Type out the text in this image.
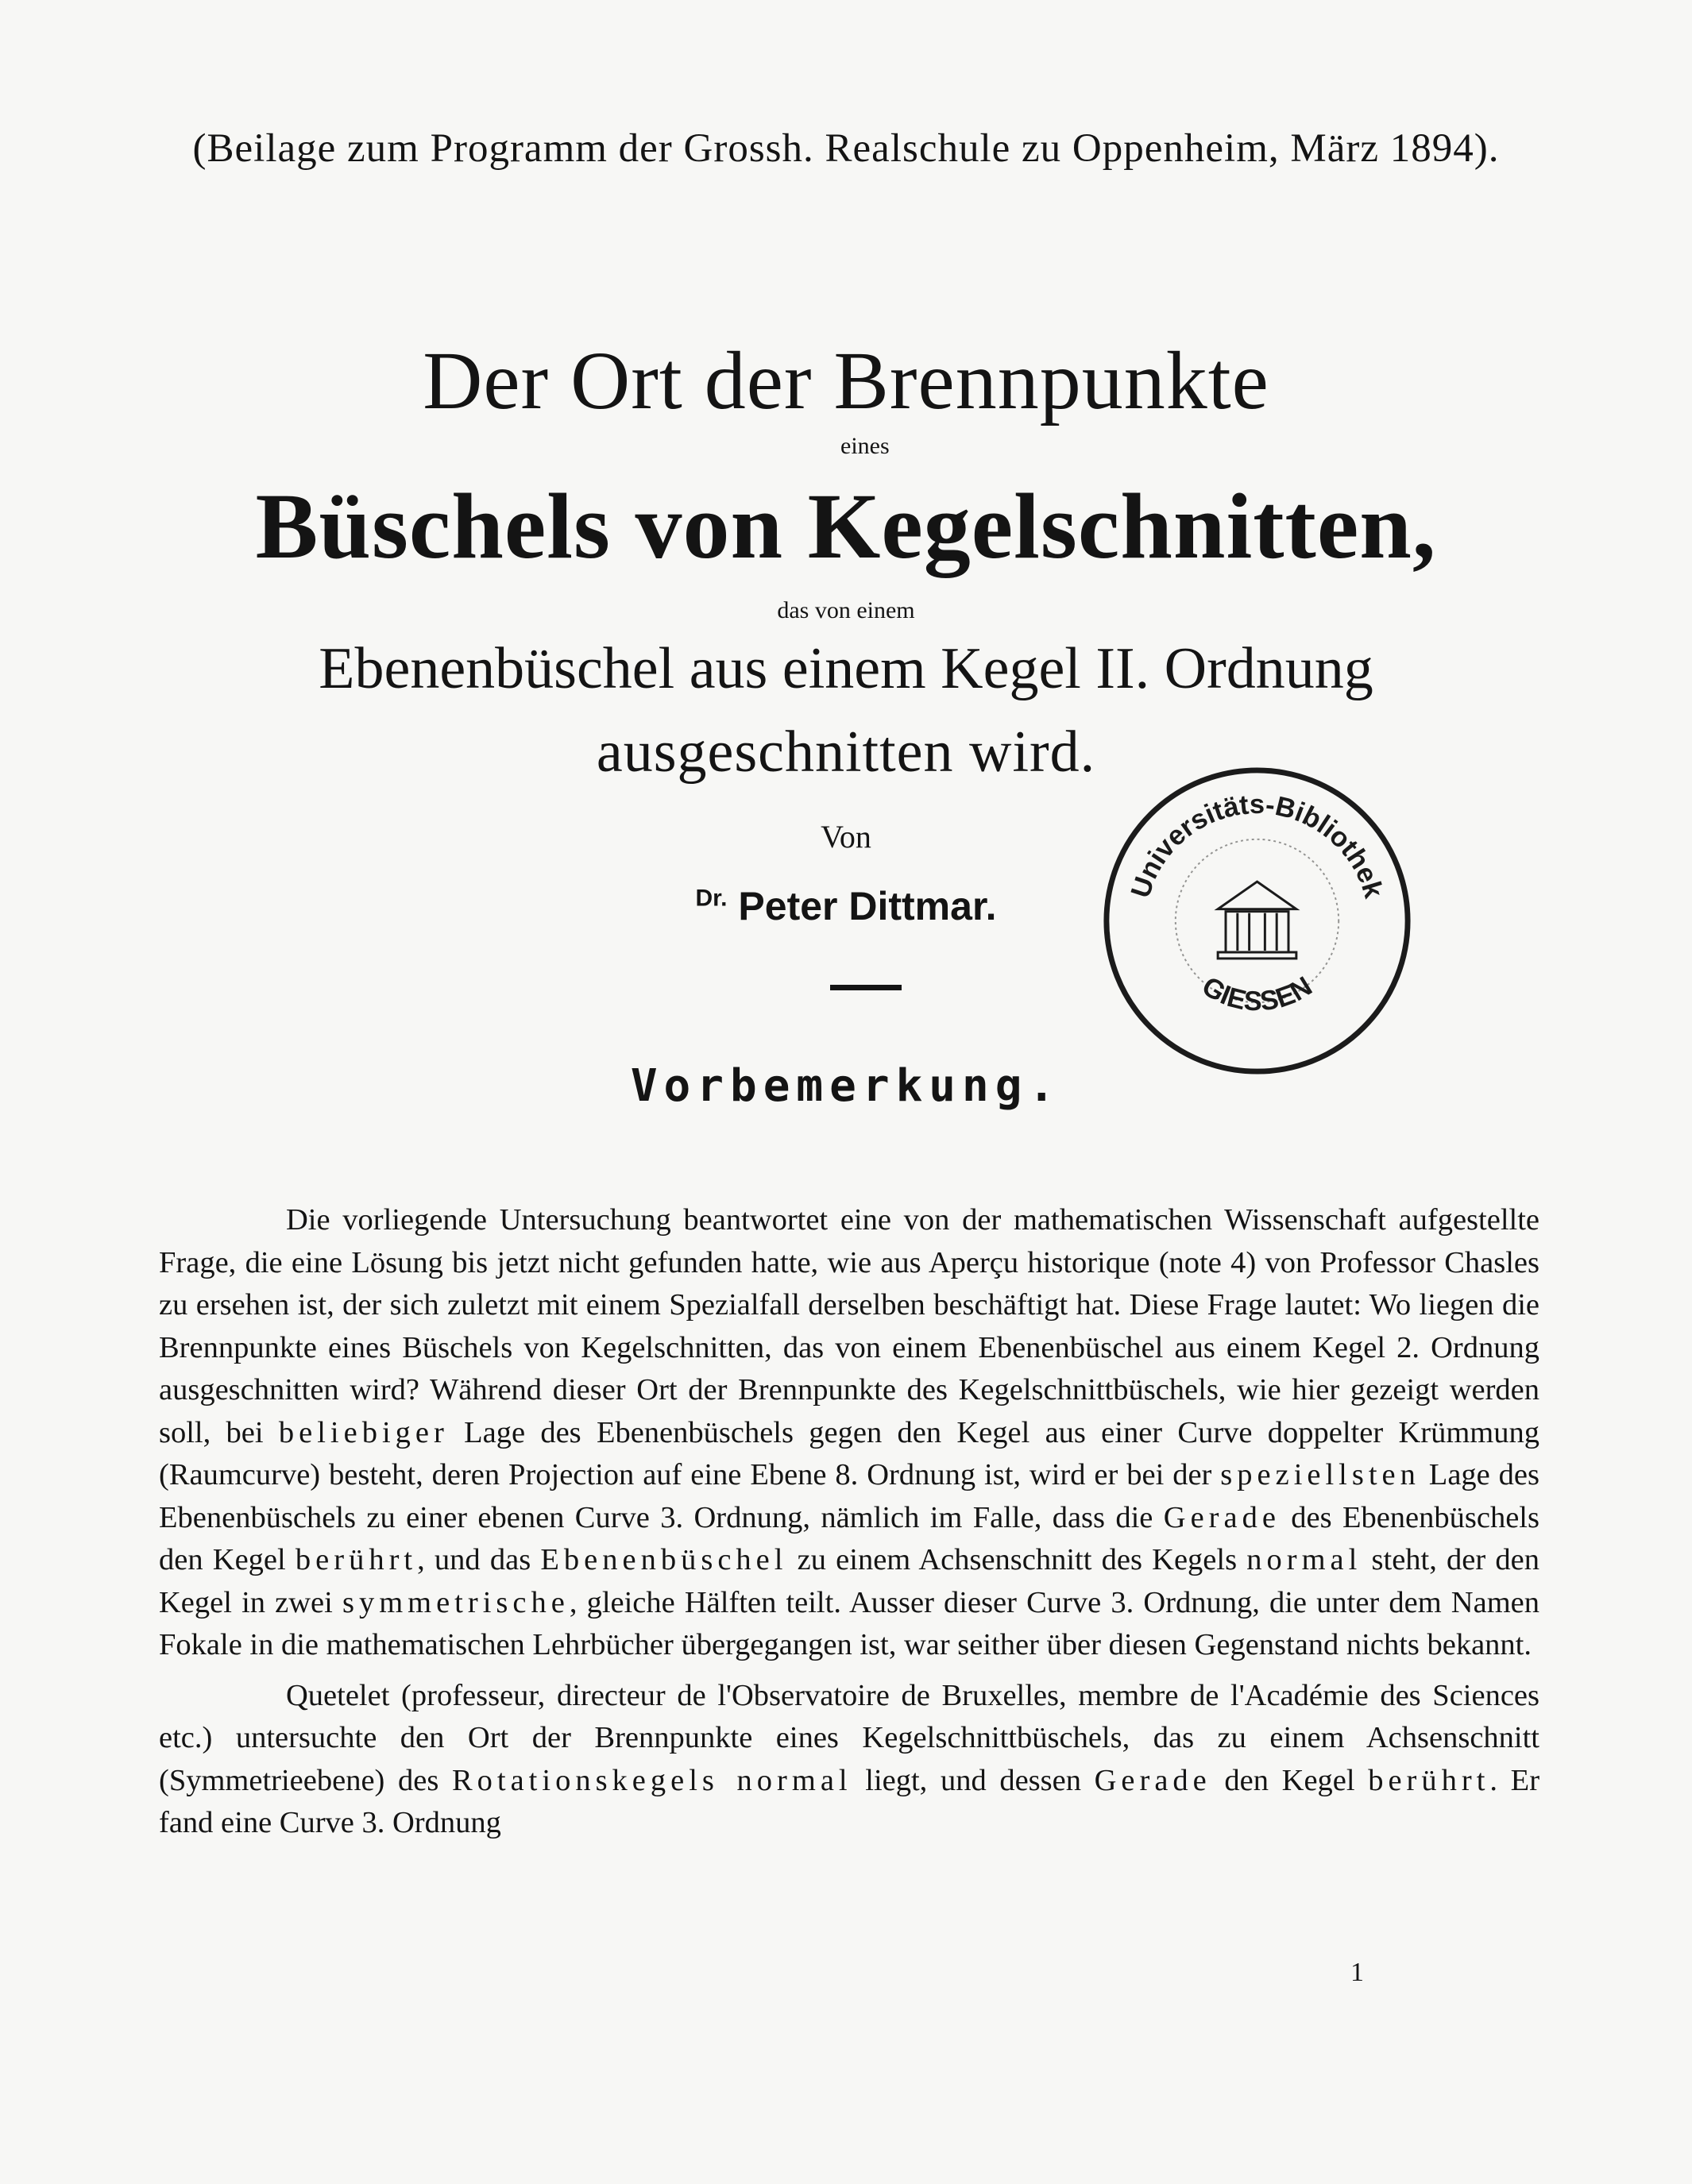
(Beilage zum Programm der Grossh. Realschule zu Oppenheim, März 1894).
Der Ort der Brennpunkte
eines
Büschels von Kegelschnitten,
das von einem
Ebenenbüschel aus einem Kegel II. Ordnung
ausgeschnitten wird.
Von
$^{Dr.}$ Peter Dittmar.
Vorbemerkung.

Die vorliegende Untersuchung beantwortet eine von der mathematischen Wissenschaft aufgestellte Frage, die eine Lösung bis jetzt nicht gefunden hatte, wie aus Aperçu historique (note 4) von Professor Chasles zu ersehen ist, der sich zuletzt mit einem Spezialfall derselben beschäftigt hat. Diese Frage lautet: Wo liegen die Brennpunkte eines Büschels von Kegelschnitten, das von einem Ebenenbüschel aus einem Kegel 2. Ordnung ausgeschnitten wird? Während dieser Ort der Brennpunkte des Kegelschnittbüschels, wie hier gezeigt werden soll, bei beliebiger Lage des Ebenenbüschels gegen den Kegel aus einer Curve doppelter Krümmung (Raumcurve) besteht, deren Projection auf eine Ebene 8. Ordnung ist, wird er bei der speziellsten Lage des Ebenenbüschels zu einer ebenen Curve 3. Ordnung, nämlich im Falle, dass die Gerade des Ebenenbüschels den Kegel berührt, und das Ebenenbüschel zu einem Achsenschnitt des Kegels normal steht, der den Kegel in zwei symmetrische, gleiche Hälften teilt. Ausser dieser Curve 3. Ordnung, die unter dem Namen Fokale in die mathematischen Lehrbücher übergegangen ist, war seither über diesen Gegenstand nichts bekannt.

Quetelet (professeur, directeur de l'Observatoire de Bruxelles, membre de l'Académie des Sciences etc.) untersuchte den Ort der Brennpunkte eines Kegelschnittbüschels, das zu einem Achsenschnitt (Symmetrieebene) des Rotationskegels normal liegt, und dessen Gerade den Kegel berührt. Er fand eine Curve 3. Ordnung

1
Universitäts-Bibliothek
GIESSEN
